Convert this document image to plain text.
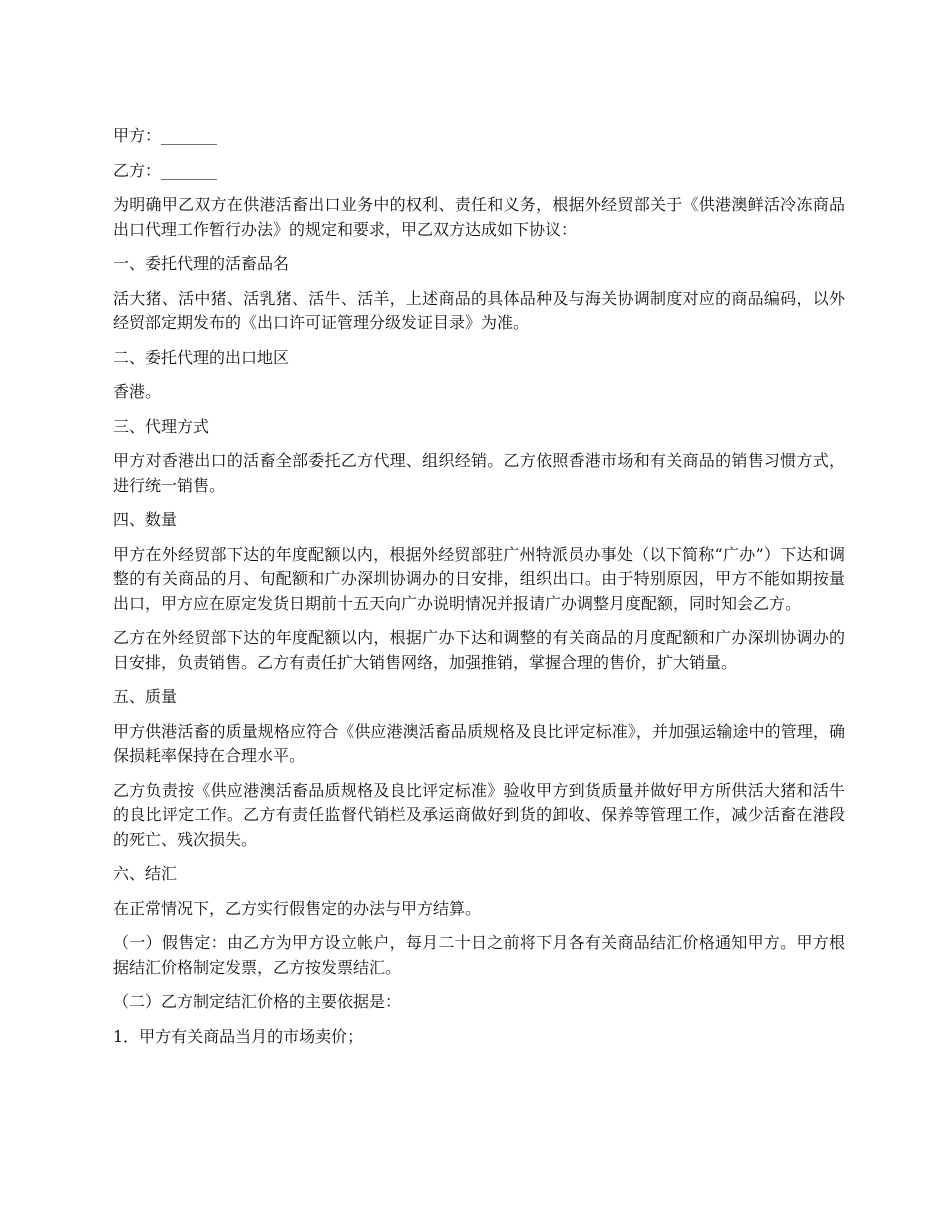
甲方：_______

乙方：_______

为明确甲乙双方在供港活畜出口业务中的权利、责任和义务，根据外经贸部关于《供港澳鲜活冷冻商品出口代理工作暂行办法》的规定和要求，甲乙双方达成如下协议：

一、委托代理的活畜品名

活大猪、活中猪、活乳猪、活牛、活羊，上述商品的具体品种及与海关协调制度对应的商品编码，以外经贸部定期发布的《出口许可证管理分级发证目录》为准。

二、委托代理的出口地区

香港。

三、代理方式

甲方对香港出口的活畜全部委托乙方代理、组织经销。乙方依照香港市场和有关商品的销售习惯方式，进行统一销售。

四、数量

甲方在外经贸部下达的年度配额以内，根据外经贸部驻广州特派员办事处（以下简称“广办”）下达和调整的有关商品的月、旬配额和广办深圳协调办的日安排，组织出口。由于特别原因，甲方不能如期按量出口，甲方应在原定发货日期前十五天向广办说明情况并报请广办调整月度配额，同时知会乙方。

乙方在外经贸部下达的年度配额以内，根据广办下达和调整的有关商品的月度配额和广办深圳协调办的日安排，负责销售。乙方有责任扩大销售网络，加强推销，掌握合理的售价，扩大销量。

五、质量

甲方供港活畜的质量规格应符合《供应港澳活畜品质规格及良比评定标准》，并加强运输途中的管理，确保损耗率保持在合理水平。

乙方负责按《供应港澳活畜品质规格及良比评定标准》验收甲方到货质量并做好甲方所供活大猪和活牛的良比评定工作。乙方有责任监督代销栏及承运商做好到货的卸收、保养等管理工作，减少活畜在港段的死亡、残次损失。

六、结汇

在正常情况下，乙方实行假售定的办法与甲方结算。

（一）假售定：由乙方为甲方设立帐户，每月二十日之前将下月各有关商品结汇价格通知甲方。甲方根据结汇价格制定发票，乙方按发票结汇。

（二）乙方制定结汇价格的主要依据是：

1．甲方有关商品当月的市场卖价；
